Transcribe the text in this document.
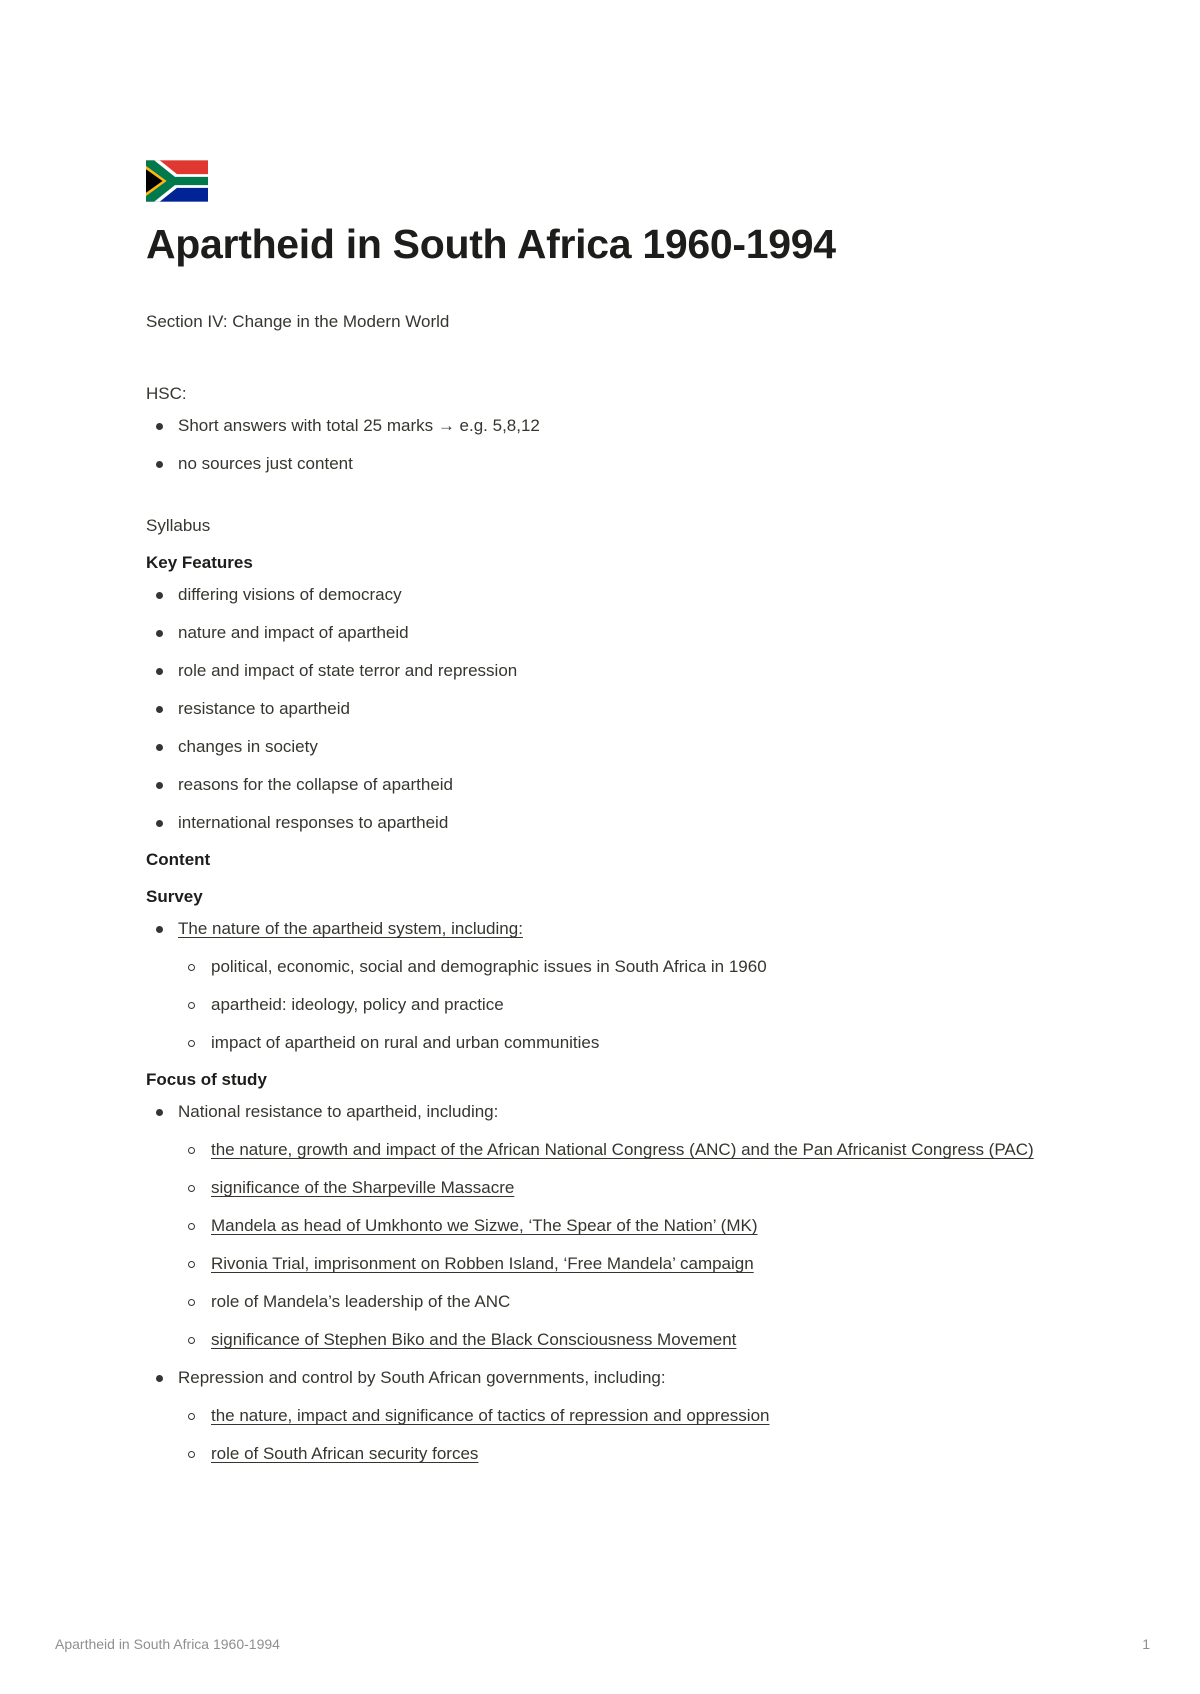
Apartheid in South Africa 1960-1994

Section IV: Change in the Modern World

HSC:

Short answers with total 25 marks → e.g. 5,8,12
no sources just content

Syllabus

Key Features

differing visions of democracy
nature and impact of apartheid
role and impact of state terror and repression
resistance to apartheid
changes in society
reasons for the collapse of apartheid
international responses to apartheid

Content

Survey

The nature of the apartheid system, including:
political, economic, social and demographic issues in South Africa in 1960
apartheid: ideology, policy and practice
impact of apartheid on rural and urban communities

Focus of study

National resistance to apartheid, including:
the nature, growth and impact of the African National Congress (ANC) and the Pan Africanist Congress (PAC)
significance of the Sharpeville Massacre
Mandela as head of Umkhonto we Sizwe, ‘The Spear of the Nation’ (MK)
Rivonia Trial, imprisonment on Robben Island, ‘Free Mandela’ campaign
role of Mandela’s leadership of the ANC
significance of Stephen Biko and the Black Consciousness Movement
Repression and control by South African governments, including:
the nature, impact and significance of tactics of repression and oppression
role of South African security forces
Apartheid in South Africa 1960-1994	1
